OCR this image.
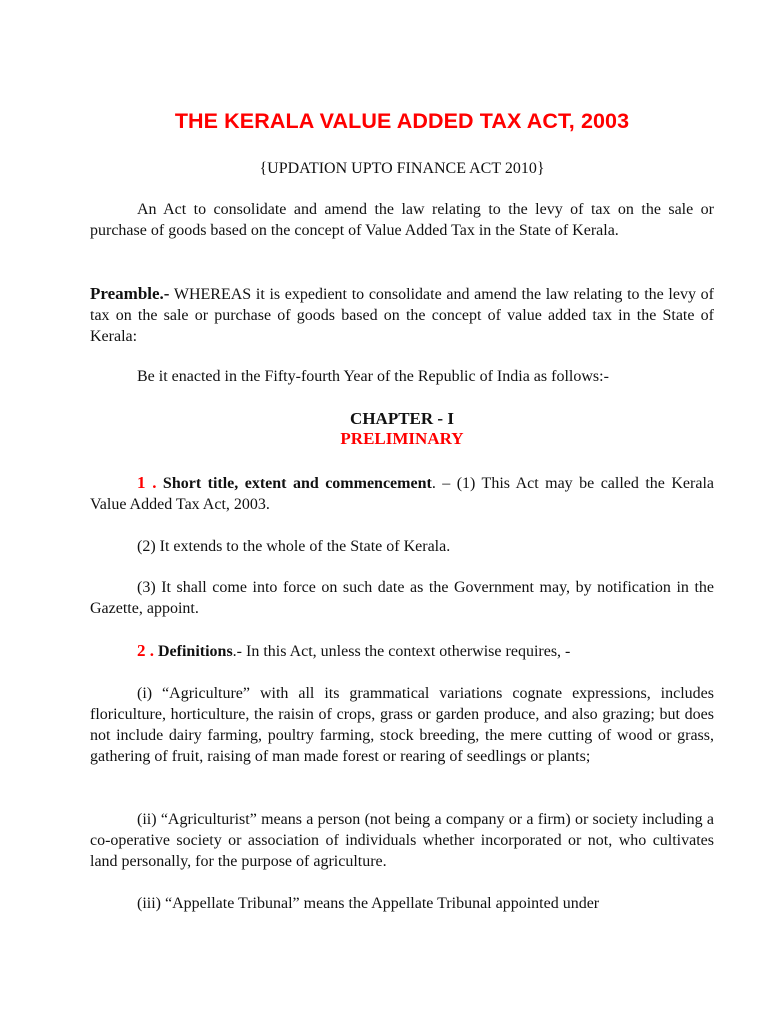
THE KERALA VALUE ADDED TAX ACT, 2003
{UPDATION UPTO FINANCE ACT 2010}
An Act to consolidate and amend the law relating to the levy of tax on the sale or purchase of goods based on the concept of Value Added Tax in the State of Kerala.
Preamble.- WHEREAS it is expedient to consolidate and amend the law relating to the levy of tax on the sale or purchase of goods based on the concept of value added tax in the State of Kerala:
Be it enacted in the Fifty-fourth Year of the Republic of India as follows:-
CHAPTER - I
PRELIMINARY
1 . Short title, extent and commencement. – (1) This Act may be called the Kerala Value Added Tax Act, 2003.
(2) It extends to the whole of the State of Kerala.
(3) It shall come into force on such date as the Government may, by notification in the Gazette, appoint.
2 . Definitions.- In this Act, unless the context otherwise requires, -
(i) “Agriculture” with all its grammatical variations cognate expressions, includes floriculture, horticulture, the raisin of crops, grass or garden produce, and also grazing; but does not include dairy farming, poultry farming, stock breeding, the mere cutting of wood or grass, gathering of fruit, raising of man made forest or rearing of seedlings or plants;
(ii) “Agriculturist” means a person (not being a company or a firm) or society including a co-operative society or association of individuals whether incorporated or not, who cultivates land personally, for the purpose of agriculture.
(iii) “Appellate Tribunal” means the Appellate Tribunal appointed under
